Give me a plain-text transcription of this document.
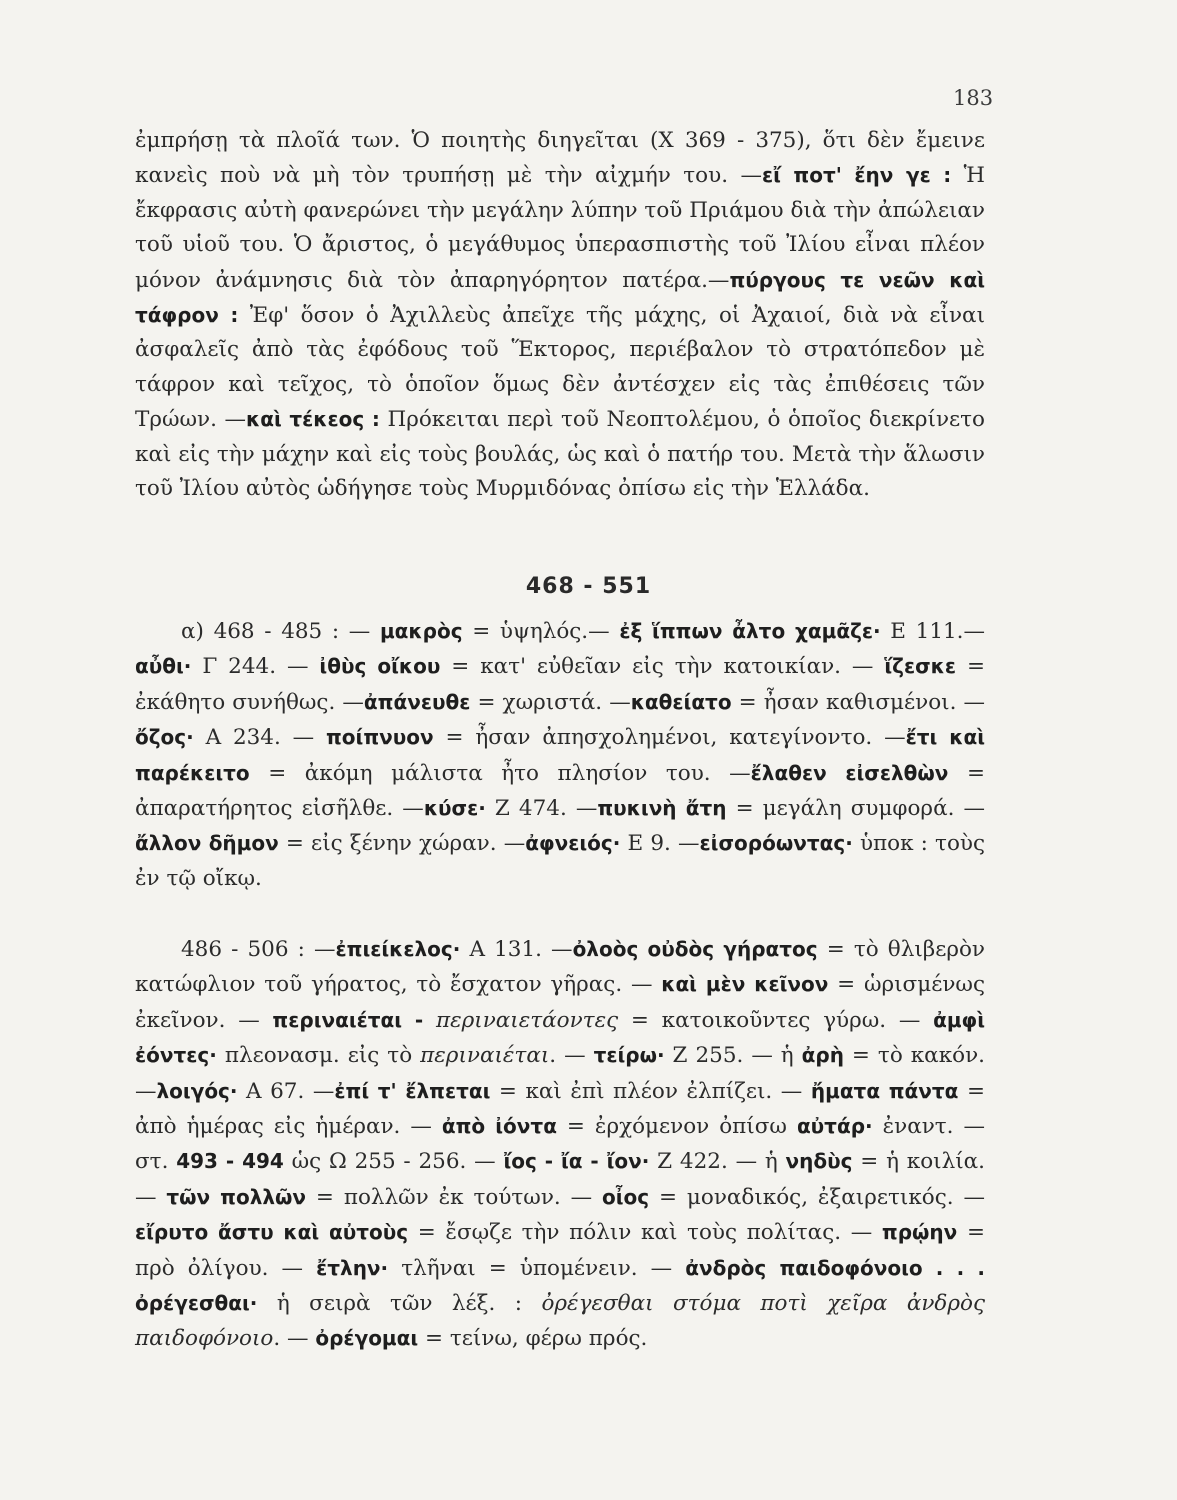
183
ἐμπρήσῃ τὰ πλοῖά των. Ὁ ποιητὴς διηγεῖται (Χ 369 - 375), ὅτι δὲν ἔμεινε κανεὶς ποὺ νὰ μὴ τὸν τρυπήσῃ μὲ τὴν αἰχμήν του. —εἴ ποτ' ἔην γε : Ἡ ἔκφρασις αὐτὴ φανερώνει τὴν μεγάλην λύπην τοῦ Πριάμου διὰ τὴν ἀπώλειαν τοῦ υἱοῦ του. Ὁ ἄριστος, ὁ μεγάθυμος ὑπερασπιστὴς τοῦ Ἰλίου εἶναι πλέον μόνον ἀνάμνησις διὰ τὸν ἀπαρηγόρητον πατέρα.—πύργους τε νεῶν καὶ τάφρον : Ἐφ' ὅσον ὁ Ἀχιλλεὺς ἀπεῖχε τῆς μάχης, οἱ Ἀχαιοί, διὰ νὰ εἶναι ἀσφαλεῖς ἀπὸ τὰς ἐφόδους τοῦ Ἕκτορος, περιέβαλον τὸ στρατόπεδον μὲ τάφρον καὶ τεῖχος, τὸ ὁποῖον ὅμως δὲν ἀντέσχεν εἰς τὰς ἐπιθέσεις τῶν Τρώων. —καὶ τέκεος : Πρόκειται περὶ τοῦ Νεοπτολέμου, ὁ ὁποῖος διεκρίνετο καὶ εἰς τὴν μάχην καὶ εἰς τοὺς βουλάς, ὡς καὶ ὁ πατήρ του. Μετὰ τὴν ἅλωσιν τοῦ Ἰλίου αὐτὸς ὡδήγησε τοὺς Μυρμιδόνας ὀπίσω εἰς τὴν Ἑλλάδα.
468 - 551
α) 468 - 485 : — μακρὸς = ὑψηλός.— ἐξ ἵππων ἆλτο χαμᾶζε· Ε 111.— αὖθι· Γ 244. — ἰθὺς οἴκου = κατ' εὐθεῖαν εἰς τὴν κατοικίαν. — ἵζεσκε = ἐκάθητο συνήθως. —ἀπάνευθε = χωριστά. —καθείατο = ἦσαν καθισμένοι. — ὄζος· Α 234. — ποίπνυον = ἦσαν ἀπησχολημένοι, κατεγίνοντο. —ἔτι καὶ παρέκειτο = ἀκόμη μάλιστα ἦτο πλησίον του. —ἔλαθεν εἰσελθὼν = ἀπαρατήρητος εἰσῆλθε. —κύσε· Ζ 474. —πυκινὴ ἄτη = μεγάλη συμφορά. —ἄλλον δῆμον = εἰς ξένην χώραν. —ἀφνειός· Ε 9. —εἰσορόωντας· ὑποκ : τοὺς ἐν τῷ οἴκῳ.
486 - 506 : —ἐπιείκελος· Α 131. —ὀλοὸς οὐδὸς γήρατος = τὸ θλιβερὸν κατώφλιον τοῦ γήρατος, τὸ ἔσχατον γῆρας. — καὶ μὲν κεῖνον = ὡρισμένως ἐκεῖνον. — περιναιέται - περιναιετάοντες = κατοικοῦντες γύρω. — ἀμφὶ ἐόντες· πλεονασμ. εἰς τὸ περιναιέται. — τείρω· Ζ 255. — ἡ ἀρὴ = τὸ κακόν. —λοιγός· Α 67. —ἐπί τ' ἔλπεται = καὶ ἐπὶ πλέον ἐλπίζει. — ἤματα πάντα = ἀπὸ ἡμέρας εἰς ἡμέραν. — ἀπὸ ἰόντα = ἐρχόμενον ὀπίσω αὐτάρ· ἐναντ. — στ. 493 - 494 ὡς Ω 255 - 256. — ἴος - ἴα - ἴον· Ζ 422. — ἡ νηδὺς = ἡ κοιλία. — τῶν πολλῶν = πολλῶν ἐκ τούτων. — οἶος = μοναδικός, ἐξαιρετικός. — εἴρυτο ἄστυ καὶ αὐτοὺς = ἔσῳζε τὴν πόλιν καὶ τοὺς πολίτας. — πρῴην = πρὸ ὀλίγου. — ἔτλην· τλῆναι = ὑπομένειν. — ἀνδρὸς παιδοφόνοιο . . . ὀρέγεσθαι· ἡ σειρὰ τῶν λέξ. : ὀρέγεσθαι στόμα ποτὶ χεῖρα ἀνδρὸς παιδοφόνοιο. — ὀρέγομαι = τείνω, φέρω πρός.
